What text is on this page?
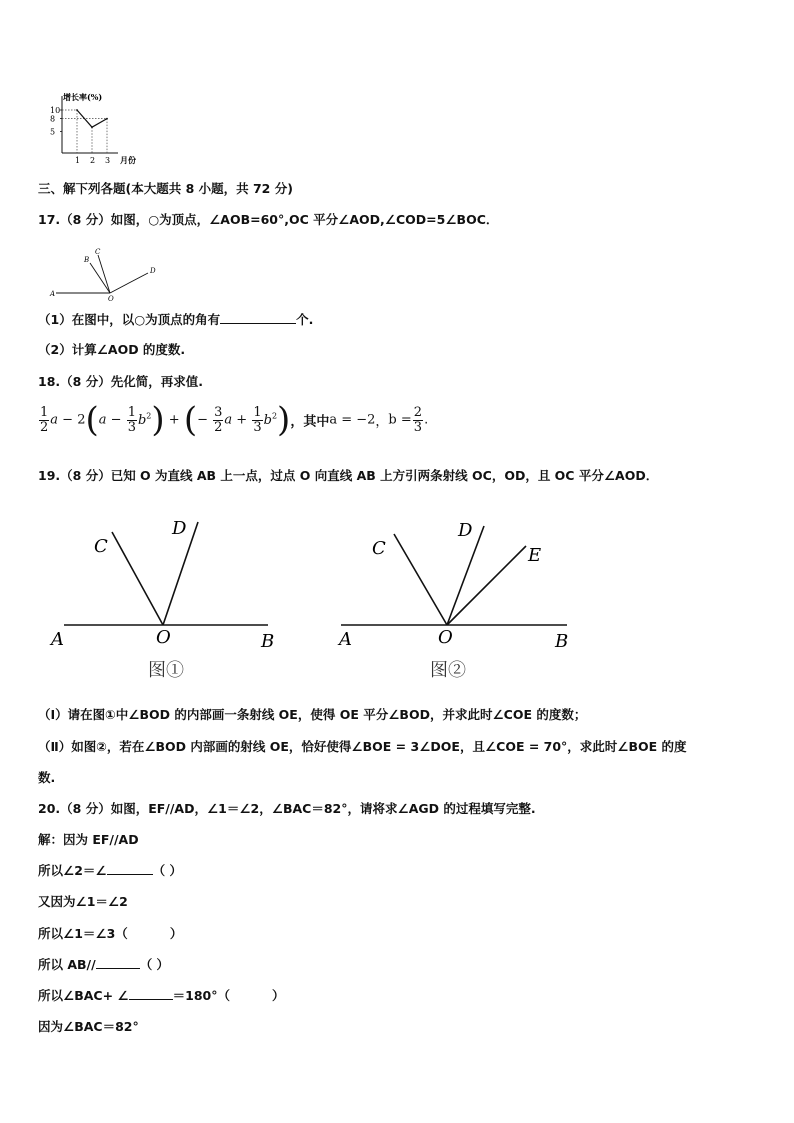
5
8
10
1 2 3
增长率(%)
月份
三、解下列各题(本大题共 8 小题，共 72 分)
17.（8 分）如图，○为顶点，∠AOB=60°,OC 平分∠AOD,∠COD=5∠BOC．
A
B
C
D
O
（1）在图中，以○为顶点的角有	个.
（2）计算∠AOD 的度数.
18.（8 分）先化简，再求值.
$\frac{1}{2}$ $a - 2(a - \frac{1}{3} b^2)$ + (− $\frac{3}{2}$ $a + \frac{1}{3} b^2$)，其中a = −2，$b = \frac{2}{3}$ .
19.（8 分）已知 O 为直线 AB 上一点，过点 O 向直线 AB 上方引两条射线 OC，OD，且 OC 平分∠AOD．
C
D
A	O	B
图①
C
D
E
A	O	B
图②
（Ⅰ）请在图①中∠BOD 的内部画一条射线 OE，使得 OE 平分∠BOD，并求此时∠COE 的度数；
（Ⅱ）如图②，若在∠BOD 内部画的射线 OE，恰好使得∠BOE = 3∠DOE，且∠COE = 70°，求此时∠BOE 的度
数.
20.（8 分）如图，EF//AD，∠1＝∠2，∠BAC＝82°，请将求∠AGD 的过程填写完整.
解：因为 EF//AD
所以∠2＝∠	（ ）
又因为∠1＝∠2
所以∠1＝∠3（	）
所以 AB//	（ ）
所以∠BAC+ ∠	＝180°（	）
因为∠BAC＝82°
